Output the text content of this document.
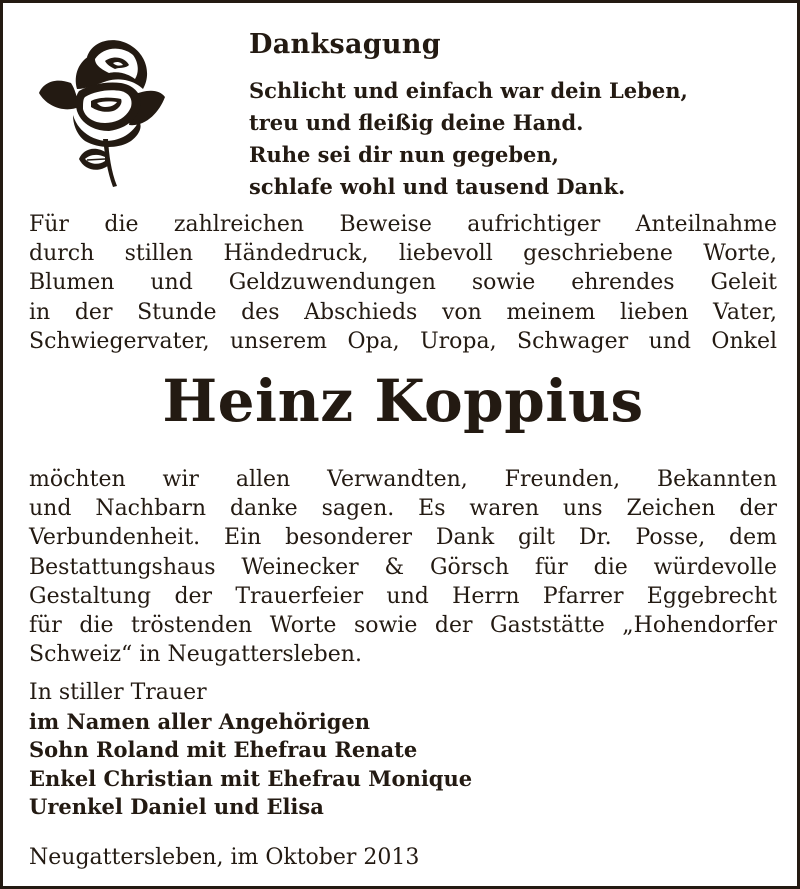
Danksagung
Schlicht und einfach war dein Leben,
treu und fleißig deine Hand.
Ruhe sei dir nun gegeben,
schlafe wohl und tausend Dank.
Für die zahlreichen Beweise aufrichtiger Anteilnahme
durch stillen Händedruck, liebevoll geschriebene Worte,
Blumen und Geldzuwendungen sowie ehrendes Geleit
in der Stunde des Abschieds von meinem lieben Vater,
Schwiegervater, unserem Opa, Uropa, Schwager und Onkel
Heinz Koppius
möchten wir allen Verwandten, Freunden, Bekannten
und Nachbarn danke sagen. Es waren uns Zeichen der
Verbundenheit. Ein besonderer Dank gilt Dr. Posse, dem
Bestattungshaus Weinecker & Görsch für die würdevolle
Gestaltung der Trauerfeier und Herrn Pfarrer Eggebrecht
für die tröstenden Worte sowie der Gaststätte „Hohendorfer
Schweiz“ in Neugattersleben.
In stiller Trauer
im Namen aller Angehörigen
Sohn Roland mit Ehefrau Renate
Enkel Christian mit Ehefrau Monique
Urenkel Daniel und Elisa
Neugattersleben, im Oktober 2013
